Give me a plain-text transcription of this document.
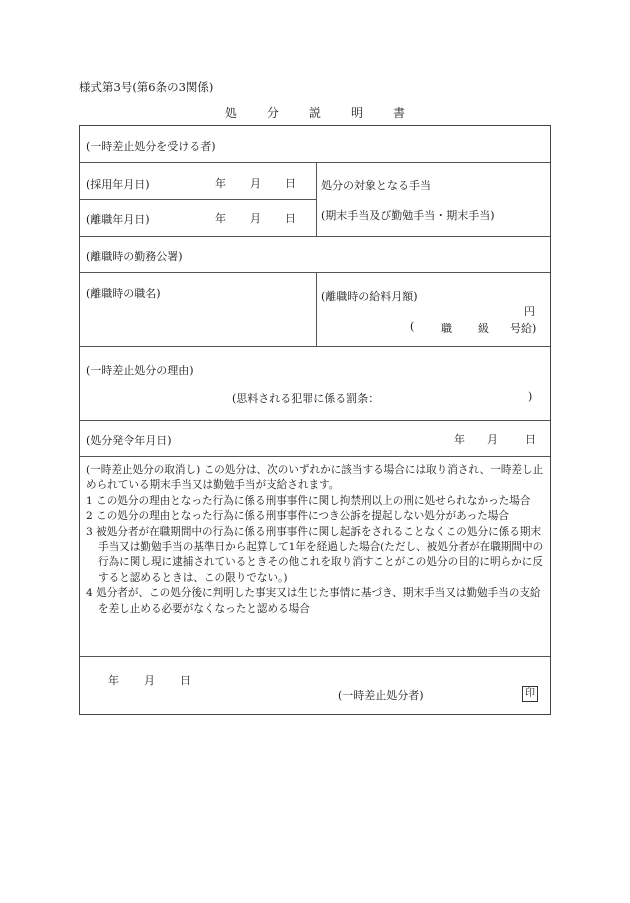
様式第3号(第6条の3関係)
処 分 説 明 書
(一時差止処分を受ける者)
(採用年月日)	年 月 日
(離職年月日)	年 月 日
処分の対象となる手当
(期末手当及び勤勉手当・期末手当)
(離職時の勤務公署)
(離職時の職名)	(離職時の給料月額)
円
( 職 級 号給)
(一時差止処分の理由)
(思料される犯罪に係る罰条：	)
(処分発令年月日)	年 月 日

(一時差止処分の取消し) この処分は、次のいずれかに該当する場合には取り消され、一時差し止められている期末手当又は勤勉手当が支給されます。

1 この処分の理由となった行為に係る刑事事件に関し拘禁刑以上の刑に処せられなかった場合

2 この処分の理由となった行為に係る刑事事件につき公訴を提起しない処分があった場合

3 被処分者が在職期間中の行為に係る刑事事件に関し起訴をされることなくこの処分に係る期末手当又は勤勉手当の基準日から起算して1年を経過した場合(ただし、被処分者が在職期間中の行為に関し現に逮捕されているときその他これを取り消すことがこの処分の目的に明らかに反すると認めるときは、この限りでない。)

4 処分者が、この処分後に判明した事実又は生じた事情に基づき、期末手当又は勤勉手当の支給を差し止める必要がなくなったと認める場合

年 月 日
(一時差止処分者)	印
